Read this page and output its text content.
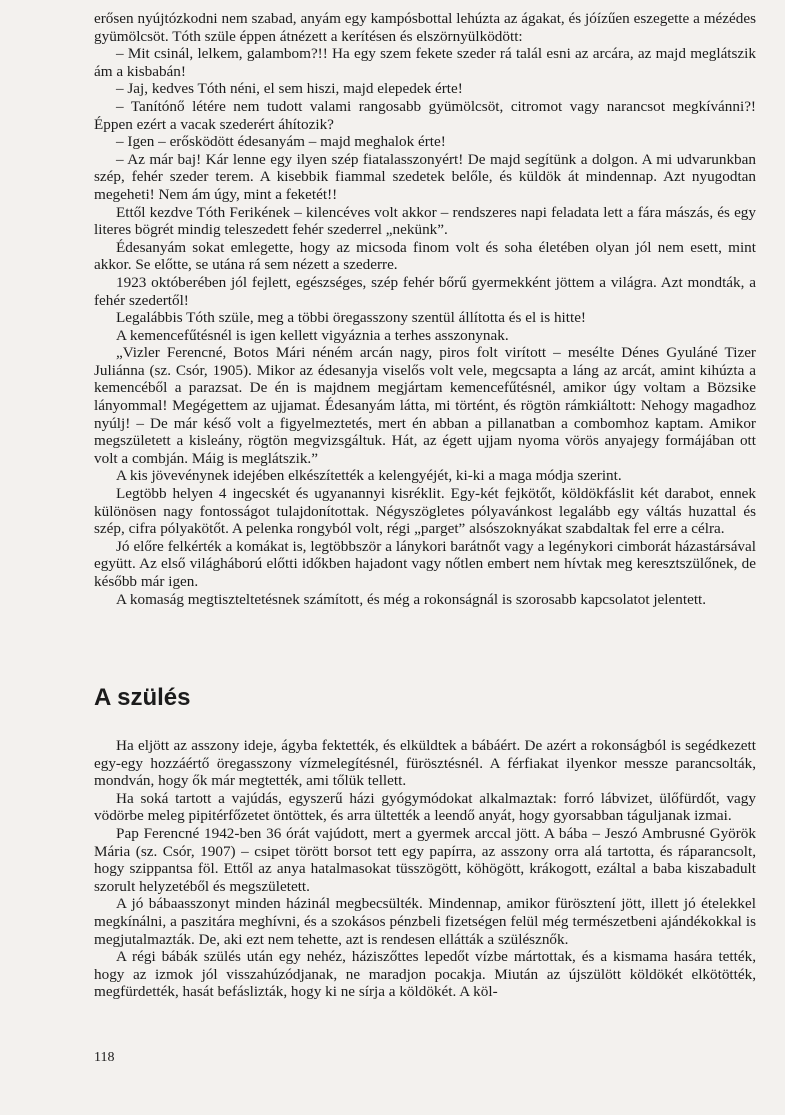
erősen nyújtózkodni nem szabad, anyám egy kampósbottal lehúzta az ágakat, és jóízűen eszegette a mézédes gyümölcsöt. Tóth szüle éppen átnézett a kerítésen és elszörnyülködött:

– Mit csinál, lelkem, galambom?!! Ha egy szem fekete szeder rá talál esni az arcára, az majd meglátszik ám a kisbabán!

– Jaj, kedves Tóth néni, el sem hiszi, majd elepedek érte!

– Tanítónő létére nem tudott valami rangosabb gyümölcsöt, citromot vagy narancsot megkívánni?! Éppen ezért a vacak szederért áhítozik?

– Igen – erősködött édesanyám – majd meghalok érte!

– Az már baj! Kár lenne egy ilyen szép fiatalasszonyért! De majd segítünk a dolgon. A mi udvarunkban szép, fehér szeder terem. A kisebbik fiammal szedetek belőle, és küldök át mindennap. Azt nyugodtan megeheti! Nem ám úgy, mint a feketét!!

Ettől kezdve Tóth Ferikének – kilencéves volt akkor – rendszeres napi feladata lett a fára mászás, és egy literes bögrét mindig teleszedett fehér szederrel „nekünk”.

Édesanyám sokat emlegette, hogy az micsoda finom volt és soha életében olyan jól nem esett, mint akkor. Se előtte, se utána rá sem nézett a szederre.

1923 októberében jól fejlett, egészséges, szép fehér bőrű gyermekként jöttem a világra. Azt mondták, a fehér szedertől!

Legalábbis Tóth szüle, meg a többi öregasszony szentül állította és el is hitte!

A kemencefűtésnél is igen kellett vigyáznia a terhes asszonynak.

„Vizler Ferencné, Botos Mári néném arcán nagy, piros folt virított – mesélte Dénes Gyuláné Tizer Juliánna (sz. Csór, 1905). Mikor az édesanyja viselős volt vele, megcsapta a láng az arcát, amint kihúzta a kemencéből a parazsat. De én is majdnem megjártam kemencefűtésnél, amikor úgy voltam a Bözsike lányommal! Megégettem az ujjamat. Édesanyám látta, mi történt, és rögtön rámkiáltott: Nehogy magadhoz nyúlj! – De már késő volt a figyelmeztetés, mert én abban a pillanatban a combomhoz kaptam. Amikor megszületett a kisleány, rögtön megvizsgáltuk. Hát, az égett ujjam nyoma vörös anyajegy formájában ott volt a combján. Máig is meglátszik.”

A kis jövevénynek idejében elkészítették a kelengyéjét, ki-ki a maga módja szerint.

Legtöbb helyen 4 ingecskét és ugyanannyi kisréklit. Egy-két fejkötőt, köldökfáslit két darabot, ennek különösen nagy fontosságot tulajdonítottak. Négyszögletes pólyavánkost legalább egy váltás huzattal és szép, cifra pólyakötőt. A pelenka rongyból volt, régi „parget” alsószoknyákat szabdaltak fel erre a célra.

Jó előre felkérték a komákat is, legtöbbször a lánykori barátnőt vagy a legénykori cimborát házastársával együtt. Az első világháború előtti időkben hajadont vagy nőtlen embert nem hívtak meg keresztszülőnek, de később már igen.

A komaság megtiszteltetésnek számított, és még a rokonságnál is szorosabb kapcsolatot jelentett.

A szülés

Ha eljött az asszony ideje, ágyba fektették, és elküldtek a bábáért. De azért a rokonságból is segédkezett egy-egy hozzáértő öregasszony vízmelegítésnél, fürösztésnél. A férfiakat ilyenkor messze parancsolták, mondván, hogy ők már megtették, ami tőlük tellett.

Ha soká tartott a vajúdás, egyszerű házi gyógymódokat alkalmaztak: forró lábvizet, ülőfürdőt, vagy vödörbe meleg pipitérfőzetet öntöttek, és arra ültették a leendő anyát, hogy gyorsabban táguljanak izmai.

Pap Ferencné 1942-ben 36 órát vajúdott, mert a gyermek arccal jött. A bába – Jeszó Ambrusné Györök Mária (sz. Csór, 1907) – csipet törött borsot tett egy papírra, az asszony orra alá tartotta, és ráparancsolt, hogy szippantsa föl. Ettől az anya hatalmasokat tüsszögött, köhögött, krákogott, ezáltal a baba kiszabadult szorult helyzetéből és megszületett.

A jó bábaasszonyt minden házinál megbecsülték. Mindennap, amikor fürösztení jött, illett jó ételekkel megkínálni, a paszitára meghívni, és a szokásos pénzbeli fizetségen felül még természetbeni ajándékokkal is megjutalmazták. De, aki ezt nem tehette, azt is rendesen ellátták a szülésznők.

A régi bábák szülés után egy nehéz, háziszőttes lepedőt vízbe mártottak, és a kismama hasára tették, hogy az izmok jól visszahúzódjanak, ne maradjon pocakja. Miután az újszülött köldökét elkötötték, megfürdették, hasát befáslizták, hogy ki ne sírja a köldökét. A köl-

118
